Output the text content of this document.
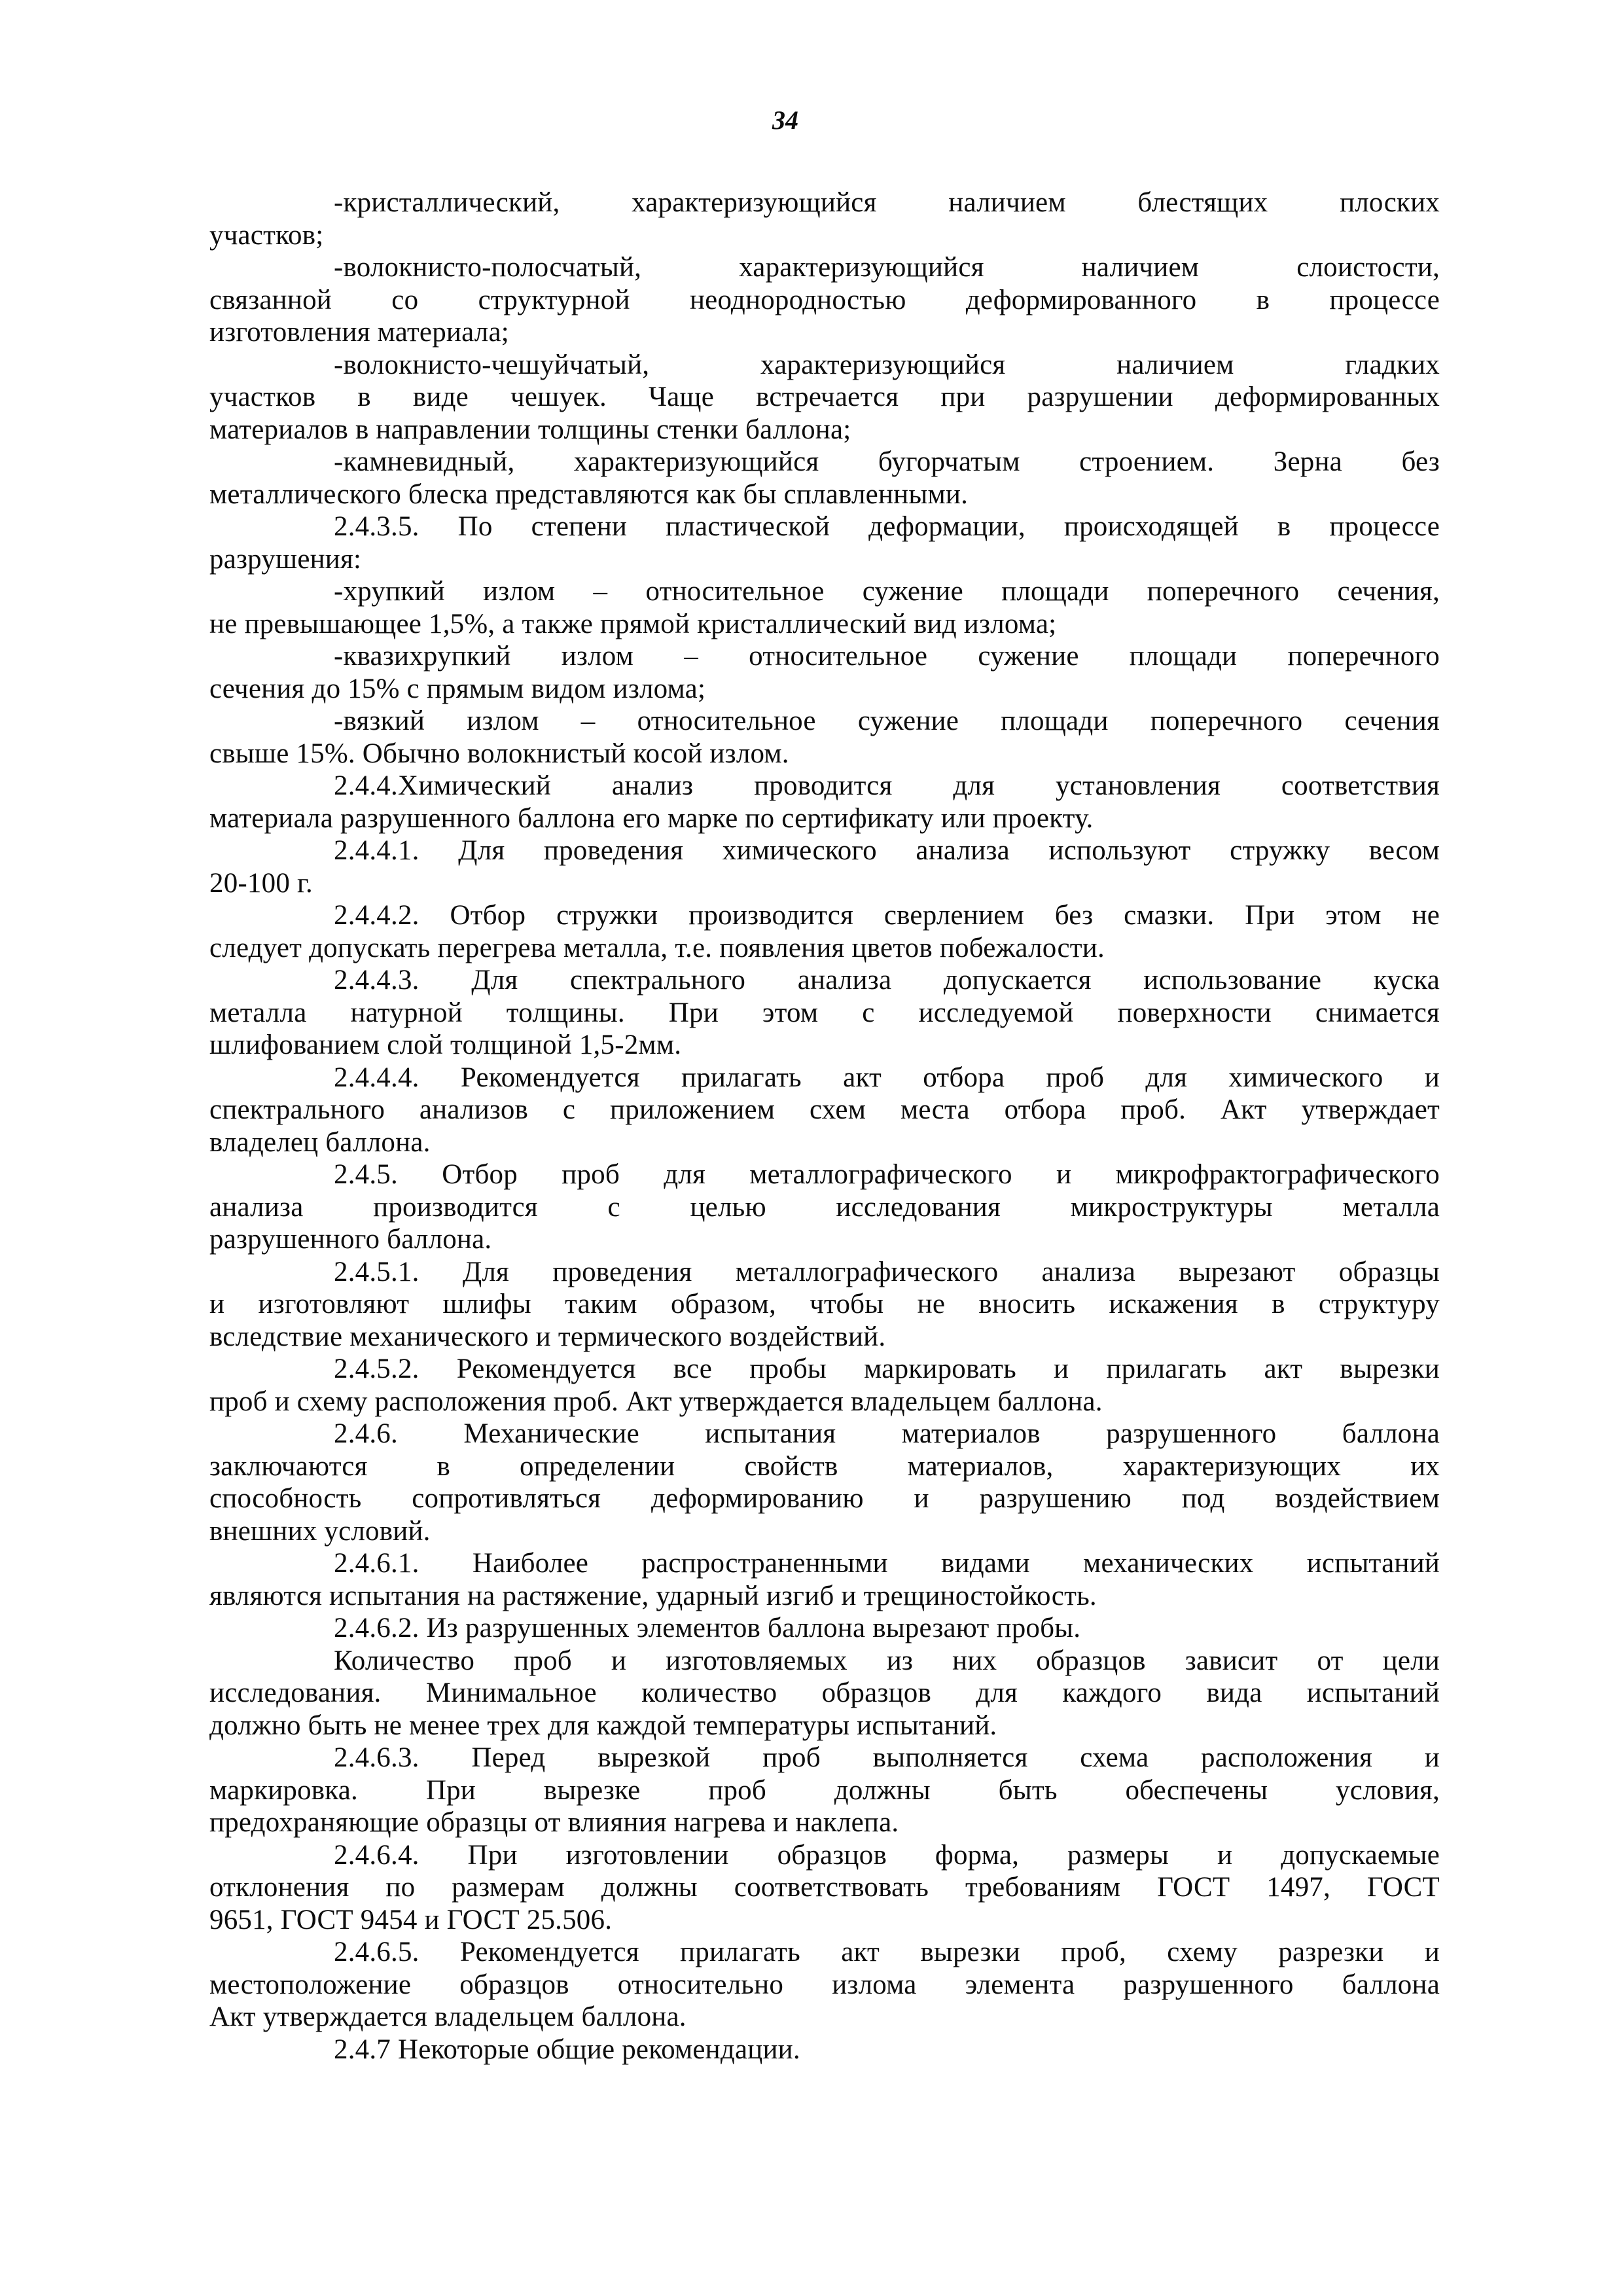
34
-кристаллический, характеризующийся наличием блестящих плоских
участков;
-волокнисто-полосчатый, характеризующийся наличием слоистости,
связанной со структурной неоднородностью деформированного в процессе
изготовления материала;
-волокнисто-чешуйчатый, характеризующийся наличием гладких
участков в виде чешуек. Чаще встречается при разрушении деформированных
материалов в направлении толщины стенки баллона;
-камневидный, характеризующийся бугорчатым строением. Зерна без
металлического блеска представляются как бы сплавленными.
2.4.3.5. По степени пластической деформации, происходящей в процессе
разрушения:
-хрупкий излом – относительное сужение площади поперечного сечения,
не превышающее 1,5%, а также прямой кристаллический вид излома;
-квазихрупкий излом – относительное сужение площади поперечного
сечения до 15% с прямым видом излома;
-вязкий излом – относительное сужение площади поперечного сечения
свыше 15%. Обычно волокнистый косой излом.
2.4.4.Химический анализ проводится для установления соответствия
материала разрушенного баллона его марке по сертификату или проекту.
2.4.4.1. Для проведения химического анализа используют стружку весом
20-100 г.
2.4.4.2. Отбор стружки производится сверлением без смазки. При этом не
следует допускать перегрева металла, т.е. появления цветов побежалости.
2.4.4.3. Для спектрального анализа допускается использование куска
металла натурной толщины. При этом с исследуемой поверхности снимается
шлифованием слой толщиной 1,5-2мм.
2.4.4.4. Рекомендуется прилагать акт отбора проб для химического и
спектрального анализов с приложением схем места отбора проб. Акт утверждает
владелец баллона.
2.4.5. Отбор проб для металлографического и микрофрактографического
анализа производится с целью исследования микроструктуры металла
разрушенного баллона.
2.4.5.1. Для проведения металлографического анализа вырезают образцы
и изготовляют шлифы таким образом, чтобы не вносить искажения в структуру
вследствие механического и термического воздействий.
2.4.5.2. Рекомендуется все пробы маркировать и прилагать акт вырезки
проб и схему расположения проб. Акт утверждается владельцем баллона.
2.4.6. Механические испытания материалов разрушенного баллона
заключаются в определении свойств материалов, характеризующих их
способность сопротивляться деформированию и разрушению под воздействием
внешних условий.
2.4.6.1. Наиболее распространенными видами механических испытаний
являются испытания на растяжение, ударный изгиб и трещиностойкость.
2.4.6.2. Из разрушенных элементов баллона вырезают пробы.
Количество проб и изготовляемых из них образцов зависит от цели
исследования. Минимальное количество образцов для каждого вида испытаний
должно быть не менее трех для каждой температуры испытаний.
2.4.6.3. Перед вырезкой проб выполняется схема расположения и
маркировка. При вырезке проб должны быть обеспечены условия,
предохраняющие образцы от влияния нагрева и наклепа.
2.4.6.4. При изготовлении образцов форма, размеры и допускаемые
отклонения по размерам должны соответствовать требованиям ГОСТ 1497, ГОСТ
9651, ГОСТ 9454 и ГОСТ 25.506.
2.4.6.5. Рекомендуется прилагать акт вырезки проб, схему разрезки и
местоположение образцов относительно излома элемента разрушенного баллона
Акт утверждается владельцем баллона.
2.4.7 Некоторые общие рекомендации.
